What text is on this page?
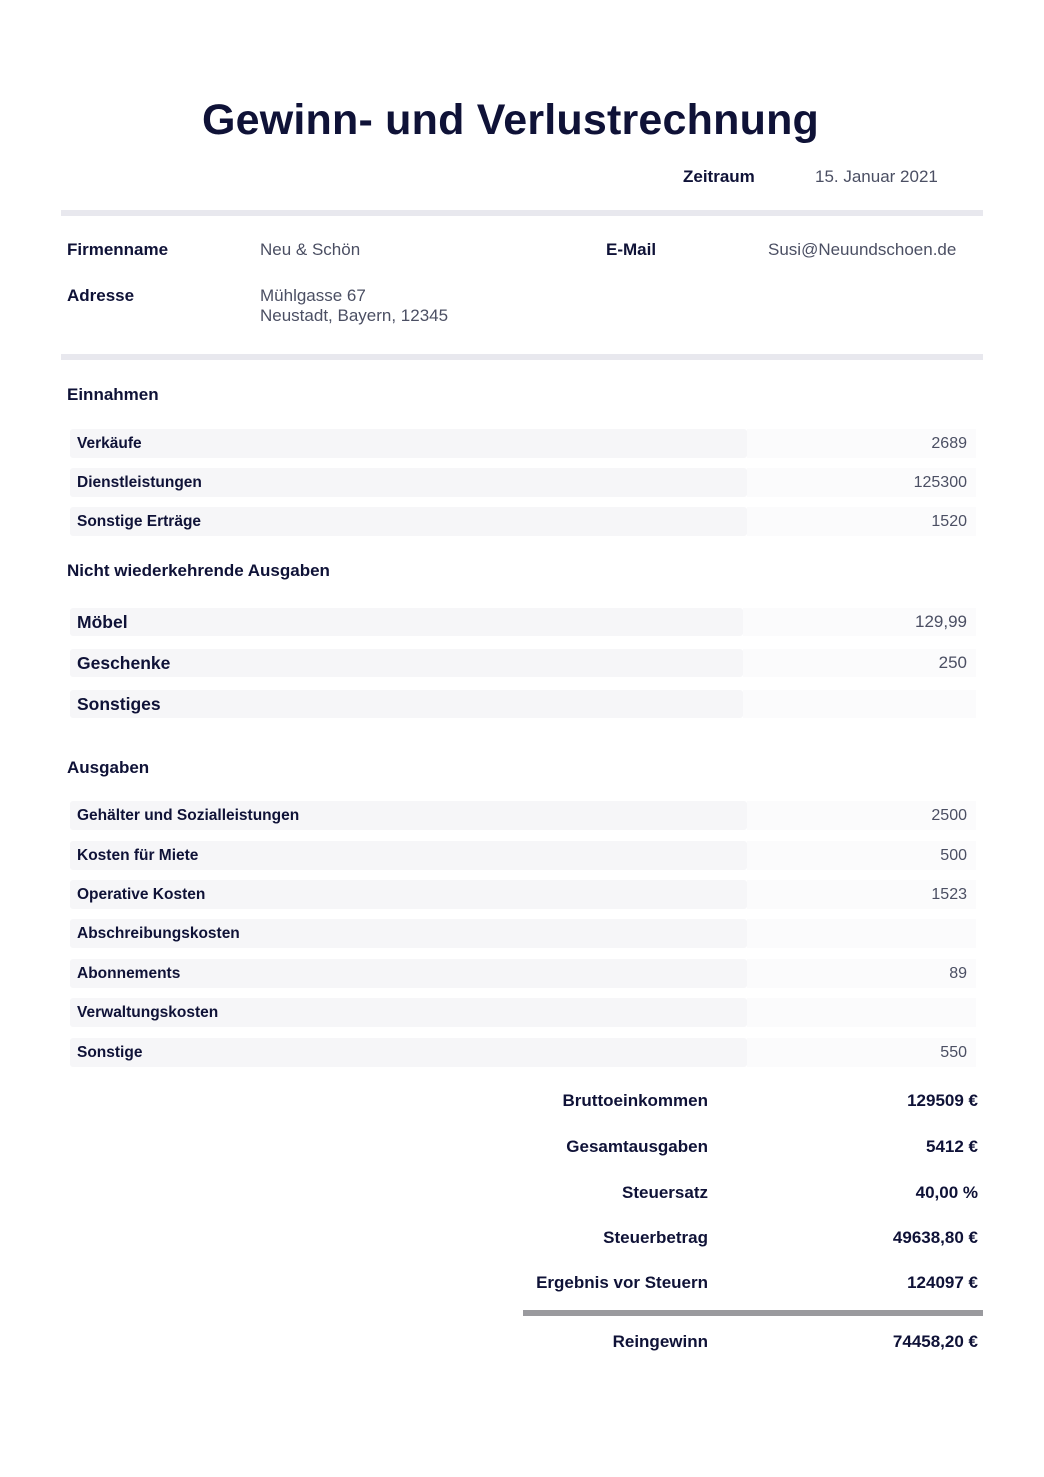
Gewinn- und Verlustrechnung
Zeitraum	15. Januar 2021
Firmenname	Neu & Schön	E-Mail	Susi@Neuundschoen.de
Adresse	Mühlgasse 67
Neustadt, Bayern, 12345
Einnahmen
Verkäufe	2689
Dienstleistungen	125300
Sonstige Erträge	1520
Nicht wiederkehrende Ausgaben
Möbel	129,99
Geschenke	250
Sonstiges
Ausgaben
Gehälter und Sozialleistungen	2500
Kosten für Miete	500
Operative Kosten	1523
Abschreibungskosten
Abonnements	89
Verwaltungskosten
Sonstige	550
Bruttoeinkommen	129509 €
Gesamtausgaben	5412 €
Steuersatz	40,00 %
Steuerbetrag	49638,80 €
Ergebnis vor Steuern	124097 €
Reingewinn	74458,20 €
